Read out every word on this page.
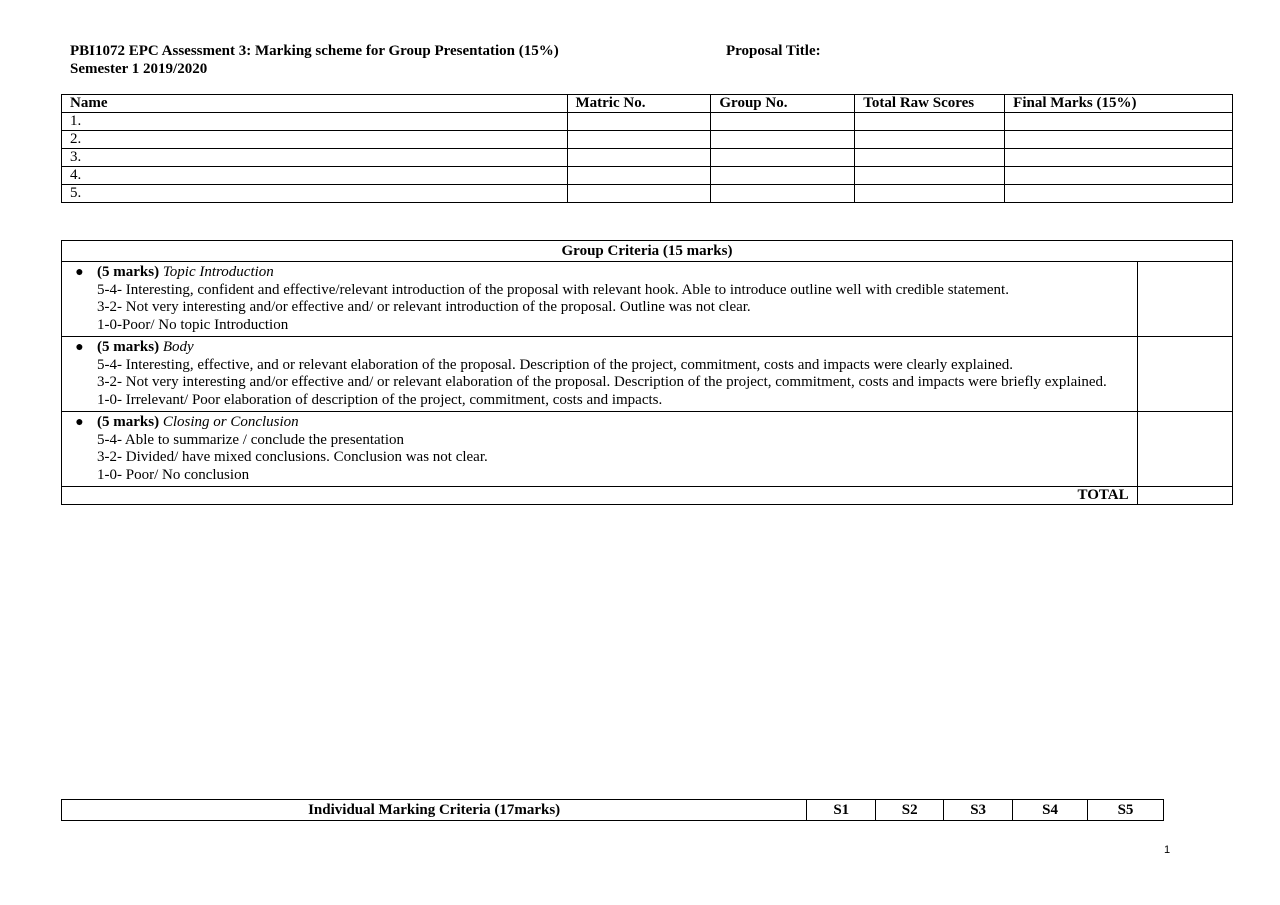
PBI1072 EPC Assessment 3: Marking scheme for Group Presentation (15%)
Semester 1 2019/2020
Proposal Title:
Name	Matric No.	Group No.	Total Raw Scores	Final Marks (15%)
1.				
2.				
3.				
4.				
5.				
Group Criteria (15 marks)	

● (5 marks) Topic Introduction
5-4- Interesting, confident and effective/relevant introduction of the proposal with relevant hook. Able to introduce outline well with credible statement.
3-2- Not very interesting and/or effective and/ or relevant introduction of the proposal. Outline was not clear.
1-0-Poor/ No topic Introduction	

● (5 marks) Body
5-4- Interesting, effective, and or relevant elaboration of the proposal. Description of the project, commitment, costs and impacts were clearly explained.
3-2- Not very interesting and/or effective and/ or relevant elaboration of the proposal. Description of the project, commitment, costs and impacts were briefly explained.
1-0- Irrelevant/ Poor elaboration of description of the project, commitment, costs and impacts.	

● (5 marks) Closing or Conclusion
5-4- Able to summarize / conclude the presentation
3-2- Divided/ have mixed conclusions. Conclusion was not clear.
1-0- Poor/ No conclusion	

TOTAL	
Individual Marking Criteria (17marks)	S1	S2	S3	S4	S5
1
